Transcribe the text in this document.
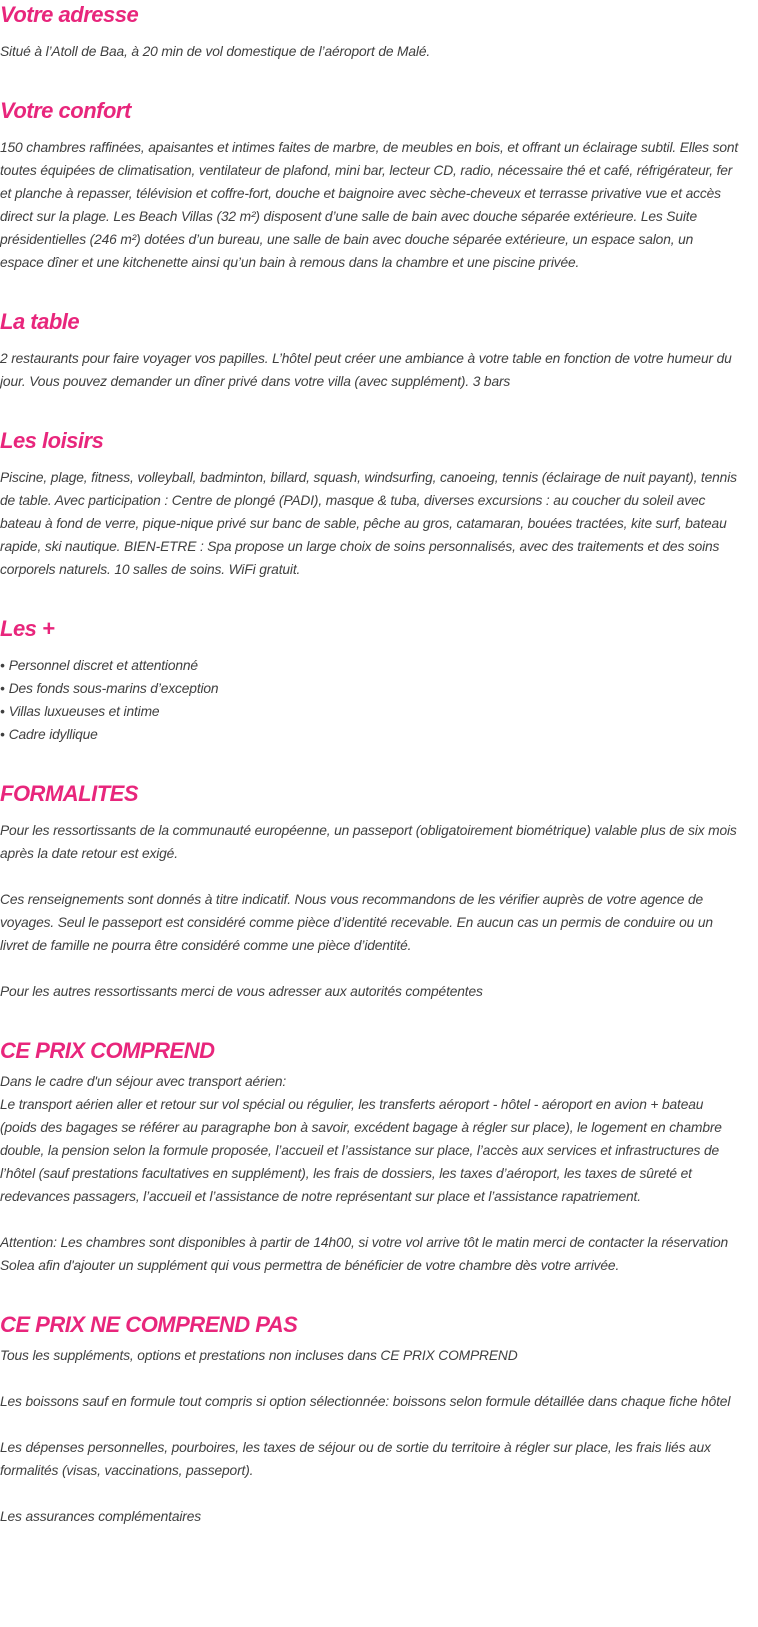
Votre adresse

Situé à l’Atoll de Baa, à 20 min de vol domestique de l’aéroport de Malé.

Votre confort

150 chambres raffinées, apaisantes et intimes faites de marbre, de meubles en bois, et offrant un éclairage subtil. Elles sont toutes équipées de climatisation, ventilateur de plafond, mini bar, lecteur CD, radio, nécessaire thé et café, réfrigérateur, fer et planche à repasser, télévision et coffre-fort, douche et baignoire avec sèche-cheveux et terrasse privative vue et accès direct sur la plage. Les Beach Villas (32 m²) disposent d’une salle de bain avec douche séparée extérieure. Les Suite présidentielles (246 m²) dotées d’un bureau, une salle de bain avec douche séparée extérieure, un espace salon, un espace dîner et une kitchenette ainsi qu’un bain à remous dans la chambre et une piscine privée.

La table

2 restaurants pour faire voyager vos papilles. L’hôtel peut créer une ambiance à votre table en fonction de votre humeur du jour. Vous pouvez demander un dîner privé dans votre villa (avec supplément). 3 bars

Les loisirs

Piscine, plage, fitness, volleyball, badminton, billard, squash, windsurfing, canoeing, tennis (éclairage de nuit payant), tennis de table. Avec participation : Centre de plongé (PADI), masque & tuba, diverses excursions : au coucher du soleil avec bateau à fond de verre, pique-nique privé sur banc de sable, pêche au gros, catamaran, bouées tractées, kite surf, bateau rapide, ski nautique. BIEN-ETRE : Spa propose un large choix de soins personnalisés, avec des traitements et des soins corporels naturels. 10 salles de soins. WiFi gratuit.

Les +
• Personnel discret et attentionné
• Des fonds sous-marins d’exception
• Villas luxueuses et intime
• Cadre idyllique
FORMALITES

Pour les ressortissants de la communauté européenne, un passeport (obligatoirement biométrique) valable plus de six mois après la date retour est exigé.

Ces renseignements sont donnés à titre indicatif. Nous vous recommandons de les vérifier auprès de votre agence de voyages. Seul le passeport est considéré comme pièce d’identité recevable. En aucun cas un permis de conduire ou un livret de famille ne pourra être considéré comme une pièce d’identité.

Pour les autres ressortissants merci de vous adresser aux autorités compétentes

CE PRIX COMPREND

Dans le cadre d'un séjour avec transport aérien:

Le transport aérien aller et retour sur vol spécial ou régulier, les transferts aéroport - hôtel - aéroport en avion + bateau (poids des bagages se référer au paragraphe bon à savoir, excédent bagage à régler sur place), le logement en chambre double, la pension selon la formule proposée, l’accueil et l’assistance sur place, l’accès aux services et infrastructures de l’hôtel (sauf prestations facultatives en supplément), les frais de dossiers, les taxes d’aéroport, les taxes de sûreté et redevances passagers, l’accueil et l’assistance de notre représentant sur place et l’assistance rapatriement.

Attention: Les chambres sont disponibles à partir de 14h00, si votre vol arrive tôt le matin merci de contacter la réservation Solea afin d'ajouter un supplément qui vous permettra de bénéficier de votre chambre dès votre arrivée.

CE PRIX NE COMPREND PAS

Tous les suppléments, options et prestations non incluses dans CE PRIX COMPREND

Les boissons sauf en formule tout compris si option sélectionnée: boissons selon formule détaillée dans chaque fiche hôtel

Les dépenses personnelles, pourboires, les taxes de séjour ou de sortie du territoire à régler sur place, les frais liés aux formalités (visas, vaccinations, passeport).

Les assurances complémentaires
